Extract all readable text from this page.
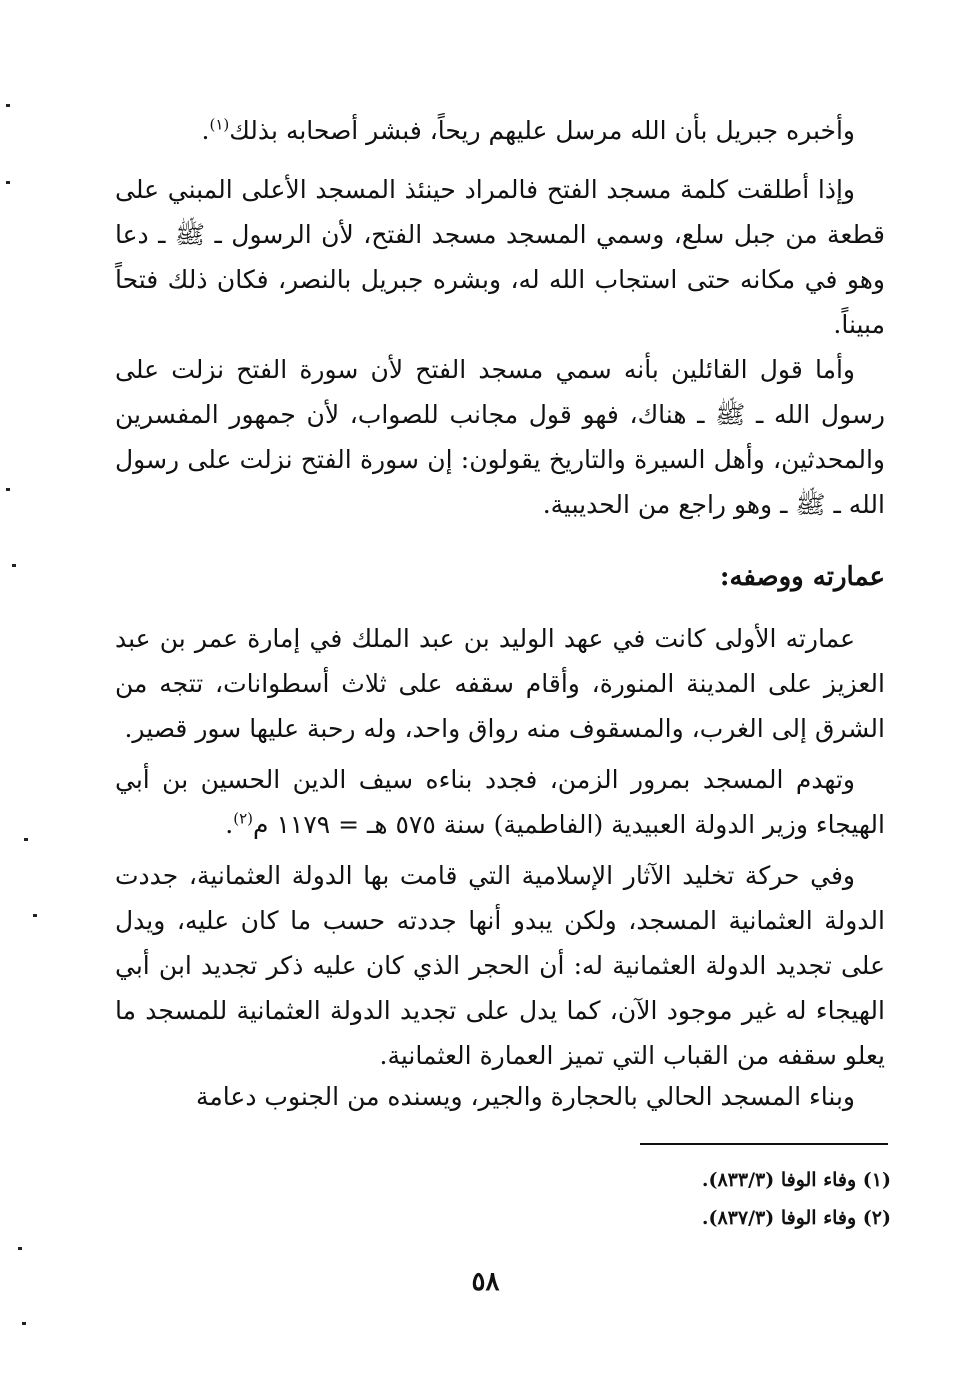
وأخبره جبريل بأن الله مرسل عليهم ريحاً، فبشر أصحابه بذلك$^{(١)}$.
وإذا أطلقت كلمة مسجد الفتح فالمراد حينئذ المسجد الأعلى المبني على قطعة من جبل سلع، وسمي المسجد مسجد الفتح، لأن الرسول ـ ﷺ ـ دعا وهو في مكانه حتى استجاب الله له، وبشره جبريل بالنصر، فكان ذلك فتحاً مبيناً.
وأما قول القائلين بأنه سمي مسجد الفتح لأن سورة الفتح نزلت على رسول الله ـ ﷺ ـ هناك، فهو قول مجانب للصواب، لأن جمهور المفسرين والمحدثين، وأهل السيرة والتاريخ يقولون: إن سورة الفتح نزلت على رسول الله ـ ﷺ ـ وهو راجع من الحديبية.
عمارته ووصفه:
عمارته الأولى كانت في عهد الوليد بن عبد الملك في إمارة عمر بن عبد العزيز على المدينة المنورة، وأقام سقفه على ثلاث أسطوانات، تتجه من الشرق إلى الغرب، والمسقوف منه رواق واحد، وله رحبة عليها سور قصير.
وتهدم المسجد بمرور الزمن، فجدد بناءه سيف الدين الحسين بن أبي الهيجاء وزير الدولة العبيدية (الفاطمية) سنة ٥٧٥ هـ = ١١٧٩ م$^{(٢)}$.
وفي حركة تخليد الآثار الإسلامية التي قامت بها الدولة العثمانية، جددت الدولة العثمانية المسجد، ولكن يبدو أنها جددته حسب ما كان عليه، ويدل على تجديد الدولة العثمانية له: أن الحجر الذي كان عليه ذكر تجديد ابن أبي الهيجاء له غير موجود الآن، كما يدل على تجديد الدولة العثمانية للمسجد ما يعلو سقفه من القباب التي تميز العمارة العثمانية.
وبناء المسجد الحالي بالحجارة والجير، ويسنده من الجنوب دعامة
(١) وفاء الوفا (٨٣٣/٣).
(٢) وفاء الوفا (٨٣٧/٣).
٥٨
